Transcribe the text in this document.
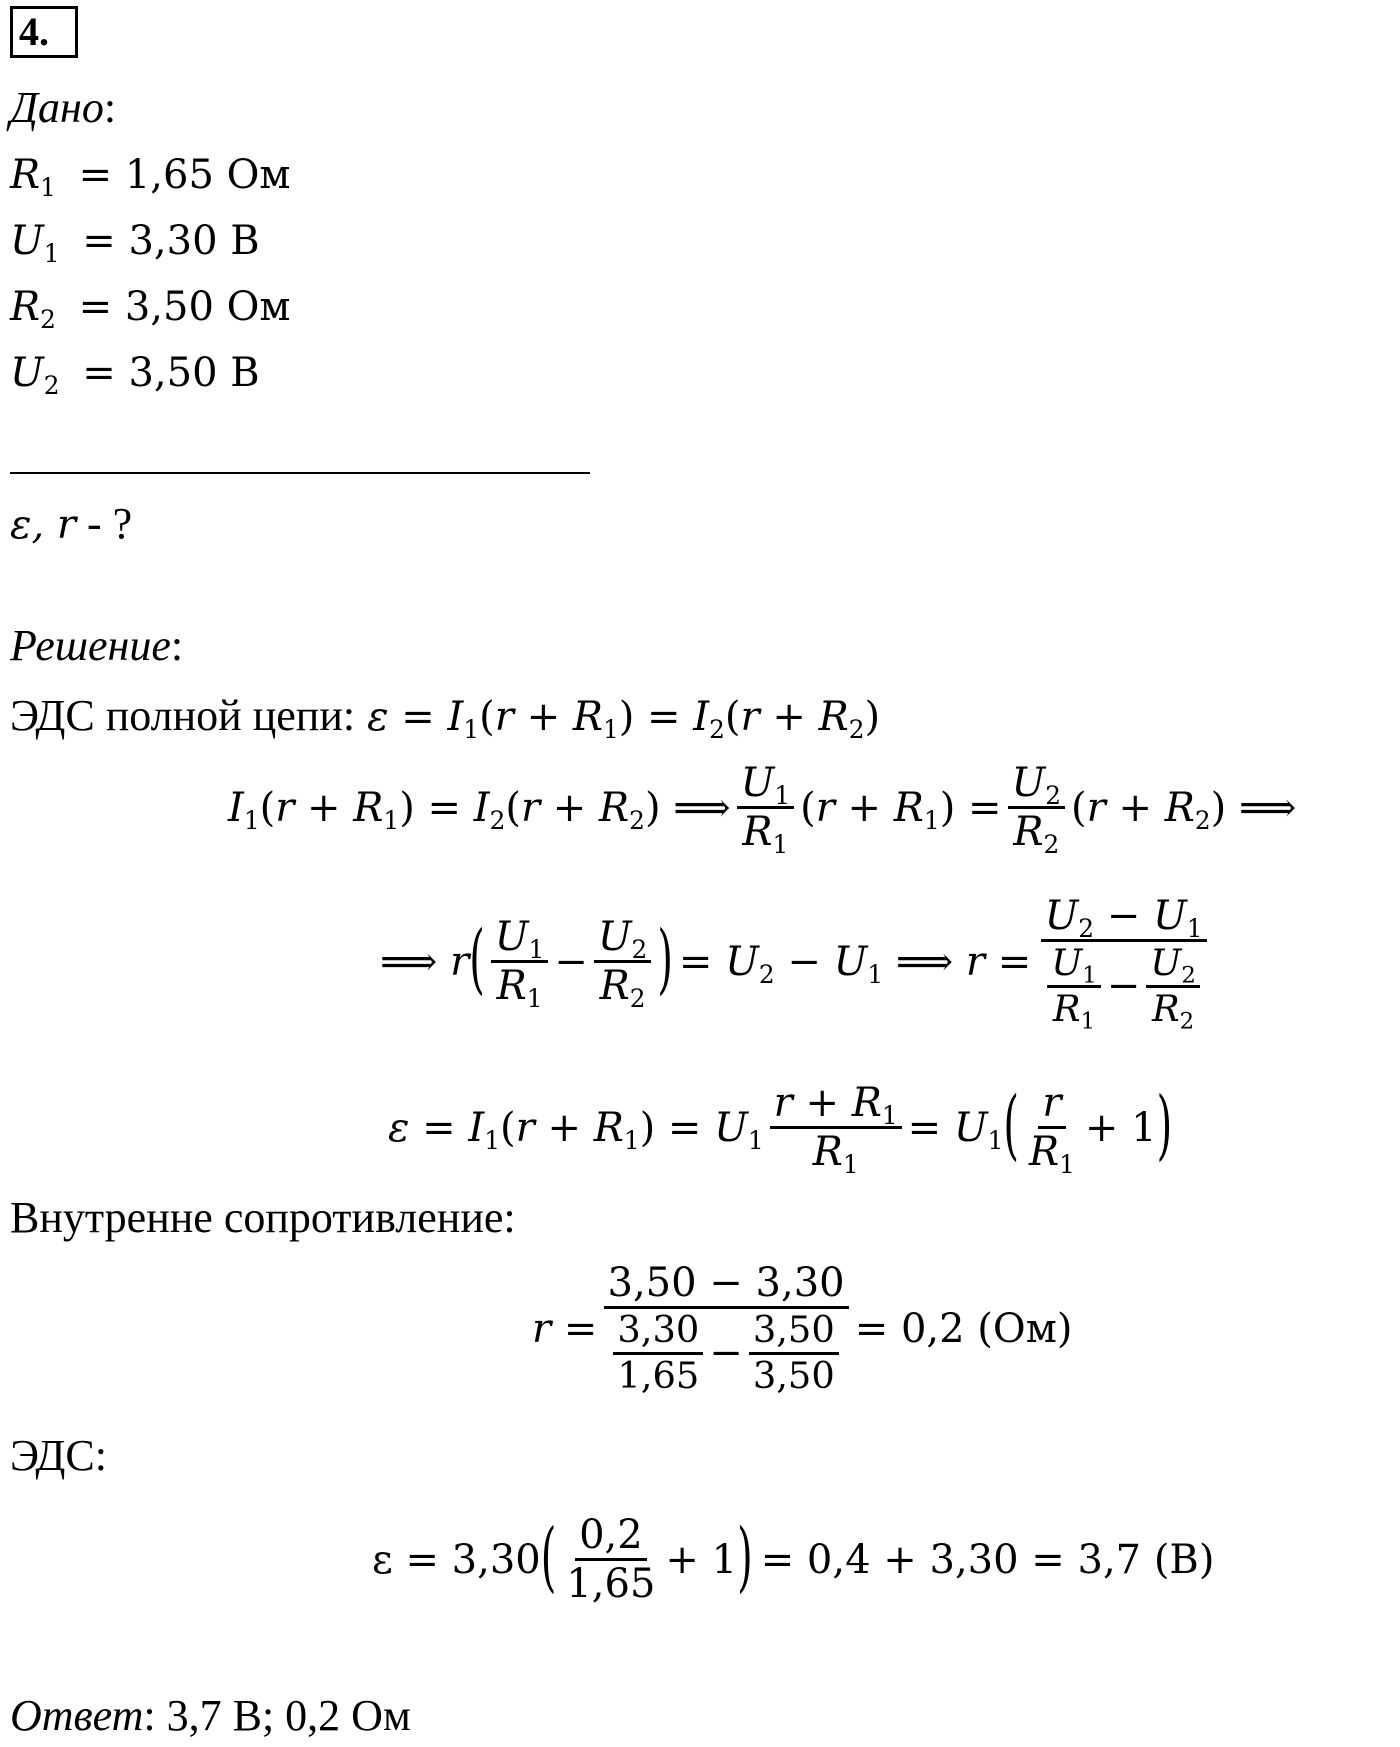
4.
Дано:
$R_1 = 1,65$ Ом
$U_1 = 3,30$ В
$R_2 = 3,50$ Ом
$U_2 = 3,50$ В
ε, r - ?
Решение:
ЭДС полной цепи: $\varepsilon = I_1(r + R_1) = I_2(r + R_2)$
$I_1(r + R_1) = I_2(r + R_2)$ ⟹ $\frac{U_1}{R_1} (r + R_1) = \frac{U_2}{R_2} (r + R_2)$ ⟹
⟹ r ( $\frac{U_1}{R_1} - \frac{U_2}{R_2}$ ) = $U_2 - U_1$ ⟹ $r = \frac{U_2 - U_1}{\frac{U_1}{R_1} - \frac{U_2}{R_2}}$
$\varepsilon = I_1(r + R_1) = U_1 \frac{r + R_1}{R_1} = U_1$ ( $\frac{r}{R_1} + 1$ )
Внутренне сопротивление:
$r = \frac{3,50 - 3,30}{\frac{3,30}{1,65} - \frac{3,50}{3,50}} = 0,2$ (Ом)
ЭДС:
ε = 3,30 ( $\frac{0,2}{1,65} + 1$ ) = 0,4 + 3,30 = 3,7 (В)
Ответ: 3,7 В; 0,2 Ом
